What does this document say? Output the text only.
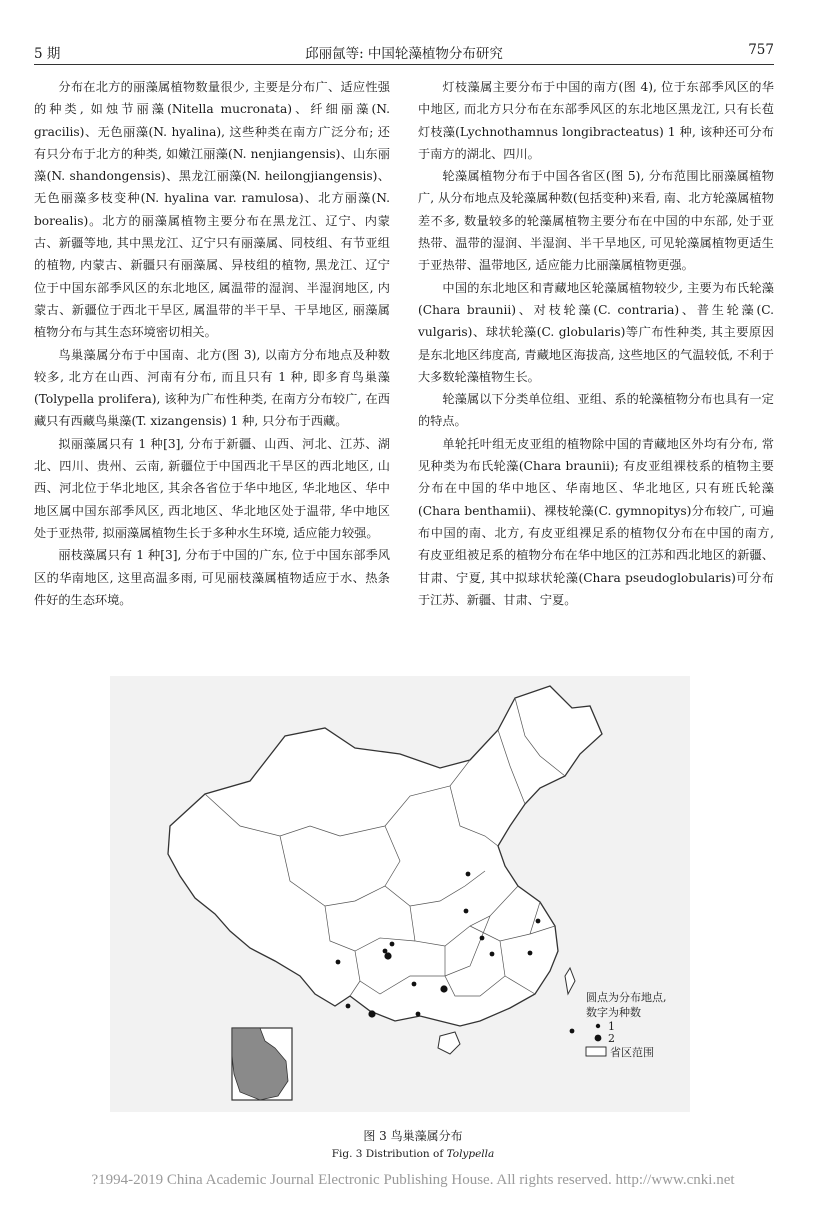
5 期	邱丽氤等: 中国轮藻植物分布研究	757

分布在北方的丽藻属植物数量很少, 主要是分布广、适应性强的种类, 如烛节丽藻(Nitella mucronata)、纤细丽藻(N. gracilis)、无色丽藻(N. hyalina), 这些种类在南方广泛分布; 还有只分布于北方的种类, 如嫩江丽藻(N. nenjiangensis)、山东丽藻(N. shandongensis)、黑龙江丽藻(N. heilongjiangensis)、无色丽藻多枝变种(N. hyalina var. ramulosa)、北方丽藻(N. borealis)。北方的丽藻属植物主要分布在黑龙江、辽宁、内蒙古、新疆等地, 其中黑龙江、辽宁只有丽藻属、同枝组、有节亚组的植物, 内蒙古、新疆只有丽藻属、异枝组的植物, 黑龙江、辽宁位于中国东部季风区的东北地区, 属温带的湿润、半湿润地区, 内蒙古、新疆位于西北干旱区, 属温带的半干旱、干旱地区, 丽藻属植物分布与其生态环境密切相关。

鸟巢藻属分布于中国南、北方(图 3), 以南方分布地点及种数较多, 北方在山西、河南有分布, 而且只有 1 种, 即多育鸟巢藻(Tolypella prolifera), 该种为广布性种类, 在南方分布较广, 在西藏只有西藏鸟巢藻(T. xizangensis) 1 种, 只分布于西藏。

拟丽藻属只有 1 种[3], 分布于新疆、山西、河北、江苏、湖北、四川、贵州、云南, 新疆位于中国西北干旱区的西北地区, 山西、河北位于华北地区, 其余各省位于华中地区, 华北地区、华中地区属中国东部季风区, 西北地区、华北地区处于温带, 华中地区处于亚热带, 拟丽藻属植物生长于多种水生环境, 适应能力较强。

丽枝藻属只有 1 种[3], 分布于中国的广东, 位于中国东部季风区的华南地区, 这里高温多雨, 可见丽枝藻属植物适应于水、热条件好的生态环境。

灯枝藻属主要分布于中国的南方(图 4), 位于东部季风区的华中地区, 而北方只分布在东部季风区的东北地区黑龙江, 只有长苞灯枝藻(Lychnothamnus longibracteatus) 1 种, 该种还可分布于南方的湖北、四川。

轮藻属植物分布于中国各省区(图 5), 分布范围比丽藻属植物广, 从分布地点及轮藻属种数(包括变种)来看, 南、北方轮藻属植物差不多, 数量较多的轮藻属植物主要分布在中国的中东部, 处于亚热带、温带的湿润、半湿润、半干旱地区, 可见轮藻属植物更适生于亚热带、温带地区, 适应能力比丽藻属植物更强。

中国的东北地区和青藏地区轮藻属植物较少, 主要为布氏轮藻(Chara braunii)、对枝轮藻(C. contraria)、普生轮藻(C. vulgaris)、球状轮藻(C. globularis)等广布性种类, 其主要原因是东北地区纬度高, 青藏地区海拔高, 这些地区的气温较低, 不利于大多数轮藻植物生长。

轮藻属以下分类单位组、亚组、系的轮藻植物分布也具有一定的特点。

单轮托叶组无皮亚组的植物除中国的青藏地区外均有分布, 常见种类为布氏轮藻(Chara braunii); 有皮亚组裸枝系的植物主要分布在中国的华中地区、华南地区、华北地区, 只有班氏轮藻(Chara benthamii)、裸枝轮藻(C. gymnopitys)分布较广, 可遍布中国的南、北方, 有皮亚组裸足系的植物仅分布在中国的南方, 有皮亚组被足系的植物分布在华中地区的江苏和西北地区的新疆、甘肃、宁夏, 其中拟球状轮藻(Chara pseudoglobularis)可分布于江苏、新疆、甘肃、宁夏。

圆点为分布地点,
数字为种数
1
2
省区范围
图 3 鸟巢藻属分布
Fig. 3 Distribution of Tolypella
?1994-2019 China Academic Journal Electronic Publishing House. All rights reserved. http://www.cnki.net
